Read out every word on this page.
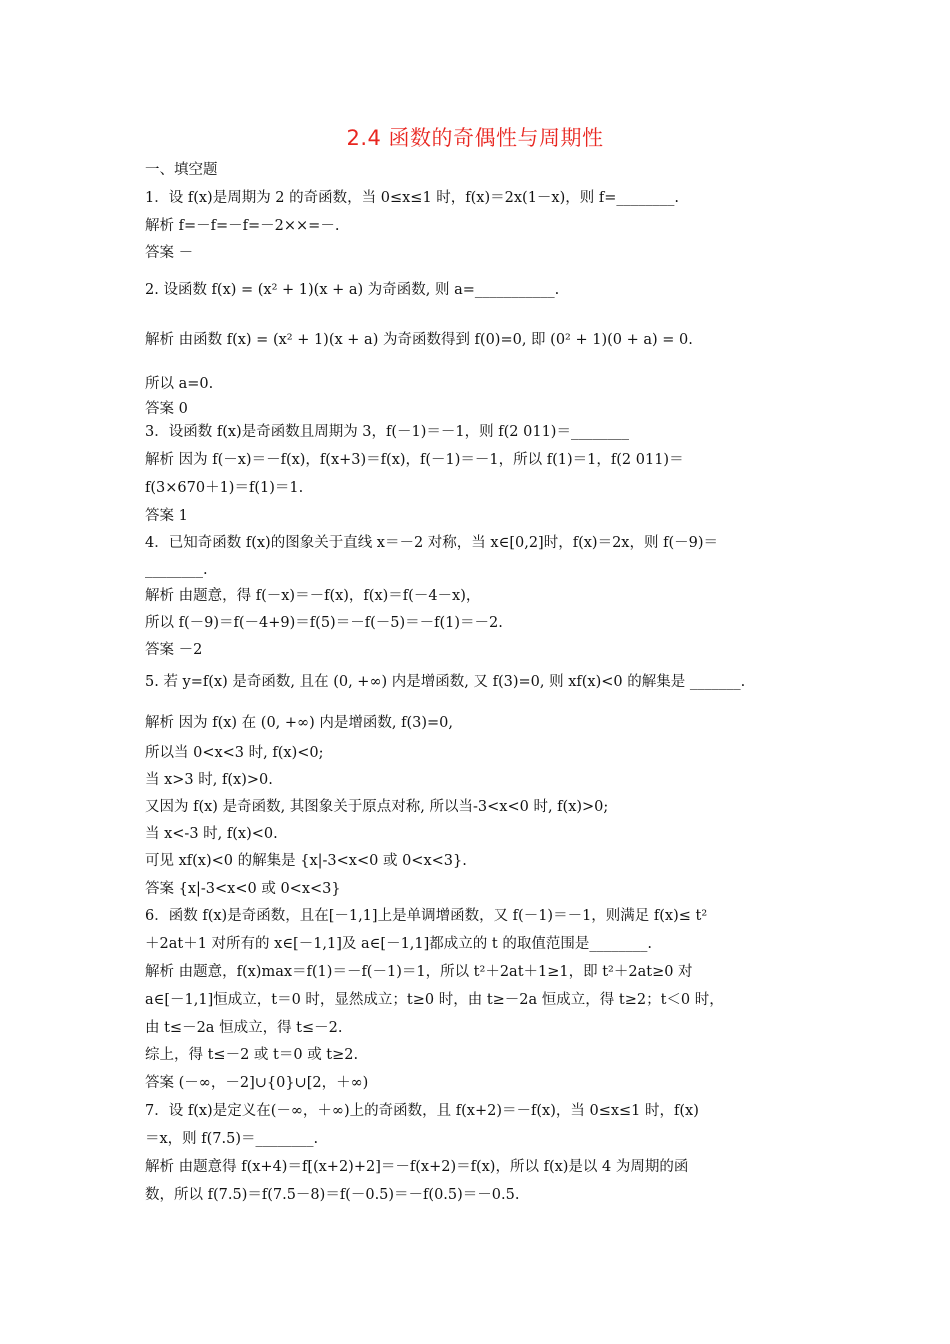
2.4 函数的奇偶性与周期性
一、填空题
1．设 f(x)是周期为 2 的奇函数，当 0≤x≤1 时，f(x)＝2x(1－x)，则 f=________.
解析 f=－f=－f=－2××=－.
答案 －
2. 设函数 f(x) = (x² + 1)(x + a) 为奇函数, 则 a=___________.
解析 由函数 f(x) = (x² + 1)(x + a) 为奇函数得到 f(0)=0, 即 (0² + 1)(0 + a) = 0.
所以 a=0.
答案 0
3．设函数 f(x)是奇函数且周期为 3，f(－1)＝－1，则 f(2 011)＝________
解析 因为 f(－x)＝－f(x)，f(x+3)＝f(x)，f(－1)＝－1，所以 f(1)＝1，f(2 011)＝
f(3×670＋1)＝f(1)＝1.
答案 1
4．已知奇函数 f(x)的图象关于直线 x＝－2 对称，当 x∈[0,2]时，f(x)＝2x，则 f(－9)＝
________.
解析 由题意，得 f(－x)＝－f(x)，f(x)＝f(－4－x)，
所以 f(－9)＝f(－4+9)＝f(5)＝－f(－5)＝－f(1)＝－2.
答案 －2
5. 若 y=f(x) 是奇函数, 且在 (0, +∞) 内是增函数, 又 f(3)=0, 则 xf(x)<0 的解集是 _______.
解析 因为 f(x) 在 (0, +∞) 内是增函数, f(3)=0,
所以当 0<x<3 时, f(x)<0;
当 x>3 时, f(x)>0.
又因为 f(x) 是奇函数, 其图象关于原点对称, 所以当-3<x<0 时, f(x)>0;
当 x<-3 时, f(x)<0.
可见 xf(x)<0 的解集是 {x|-3<x<0 或 0<x<3}.
答案 {x|-3<x<0 或 0<x<3}
6．函数 f(x)是奇函数，且在[－1,1]上是单调增函数，又 f(－1)＝－1，则满足 f(x)≤ t²
＋2at＋1 对所有的 x∈[－1,1]及 a∈[－1,1]都成立的 t 的取值范围是________.
解析 由题意，f(x)max＝f(1)＝－f(－1)＝1，所以 t²＋2at＋1≥1，即 t²＋2at≥0 对
a∈[－1,1]恒成立，t＝0 时，显然成立；t≥0 时，由 t≥－2a 恒成立，得 t≥2；t＜0 时，
由 t≤－2a 恒成立，得 t≤－2.
综上，得 t≤－2 或 t＝0 或 t≥2.
答案 (－∞，－2]∪{0}∪[2，＋∞)
7．设 f(x)是定义在(－∞，＋∞)上的奇函数，且 f(x+2)＝－f(x)，当 0≤x≤1 时，f(x)
＝x，则 f(7.5)＝________.
解析 由题意得 f(x+4)＝f[(x+2)+2]＝－f(x+2)＝f(x)，所以 f(x)是以 4 为周期的函
数，所以 f(7.5)＝f(7.5－8)＝f(－0.5)＝－f(0.5)＝－0.5.
